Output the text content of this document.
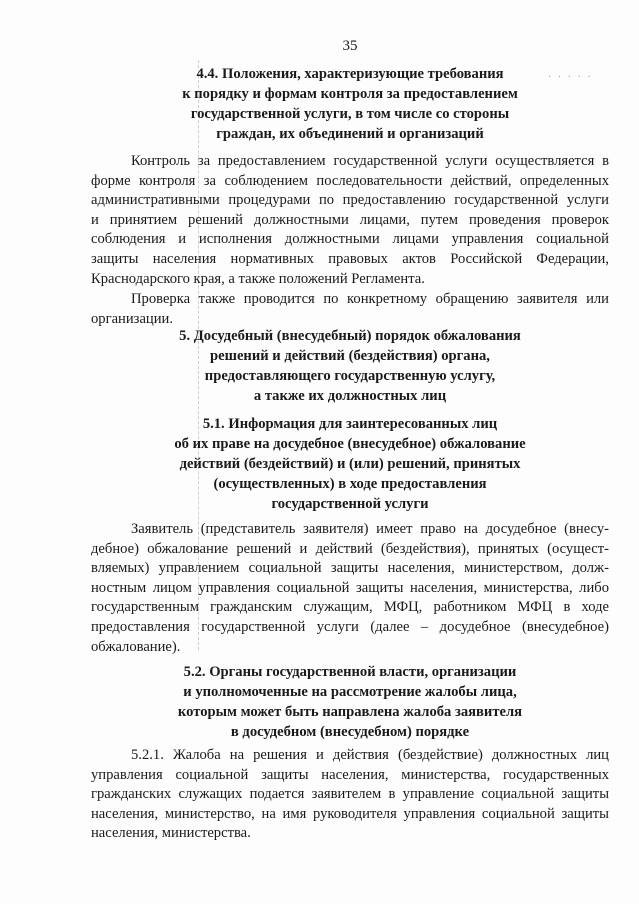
35
· · · · ·
4.4. Положения, характеризующие требования
к порядку и формам контроля за предоставлением
государственной услуги, в том числе со стороны
граждан, их объединений и организаций
Контроль за предоставлением государственной услуги осуществляется в
форме контроля за соблюдением последовательности действий, определенных
административными процедурами по предоставлению государственной услуги
и принятием решений должностными лицами, путем проведения проверок
соблюдения и исполнения должностными лицами управления социальной
защиты населения нормативных правовых актов Российской Федерации,
Краснодарского края, а также положений Регламента.
Проверка также проводится по конкретному обращению заявителя или
организации.
5. Досудебный (внесудебный) порядок обжалования
решений и действий (бездействия) органа,
предоставляющего государственную услугу,
а также их должностных лиц
5.1. Информация для заинтересованных лиц
об их праве на досудебное (внесудебное) обжалование
действий (бездействий) и (или) решений, принятых
(осуществленных) в ходе предоставления
государственной услуги
Заявитель (представитель заявителя) имеет право на досудебное (внесу-
дебное) обжалование решений и действий (бездействия), принятых (осущест-
вляемых) управлением социальной защиты населения, министерством, долж-
ностным лицом управления социальной защиты населения, министерства, либо
государственным гражданским служащим, МФЦ, работником МФЦ в ходе
предоставления государственной услуги (далее – досудебное (внесудебное)
обжалование).
5.2. Органы государственной власти, организации
и уполномоченные на рассмотрение жалобы лица,
которым может быть направлена жалоба заявителя
в досудебном (внесудебном) порядке
5.2.1. Жалоба на решения и действия (бездействие) должностных лиц
управления социальной защиты населения, министерства, государственных
гражданских служащих подается заявителем в управление социальной защиты
населения, министерство, на имя руководителя управления социальной защиты
населения, министерства.
